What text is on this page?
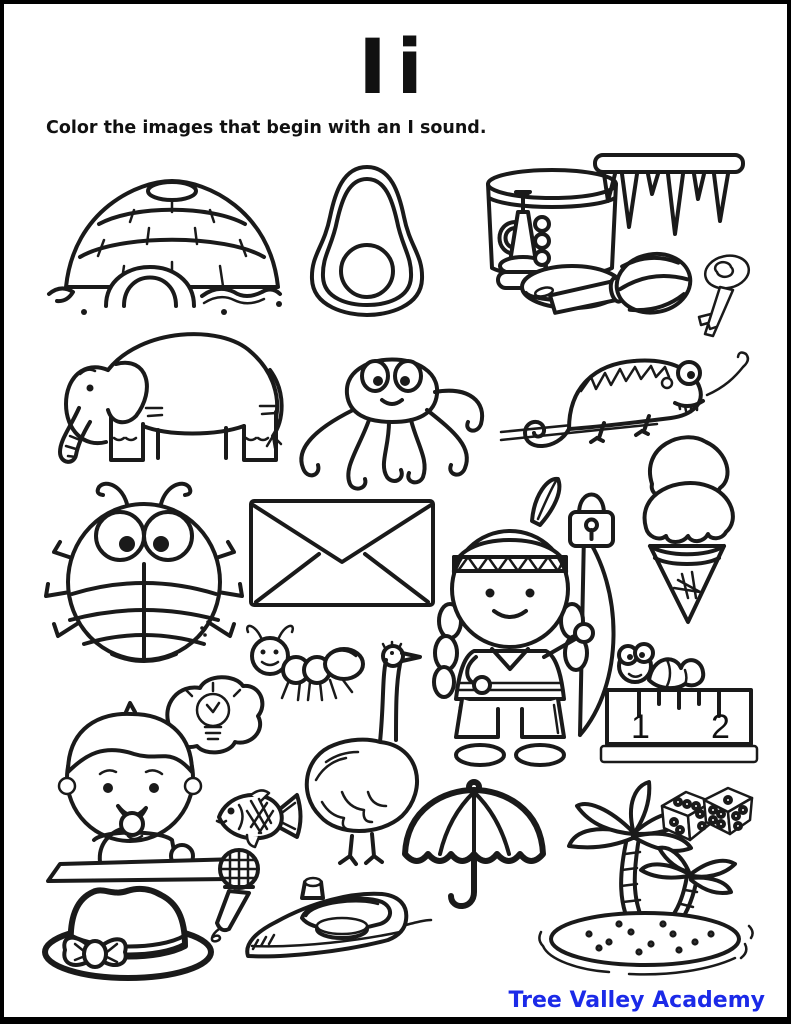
Ii
Color the images that begin with an I sound.
1 2
Tree Valley Academy
